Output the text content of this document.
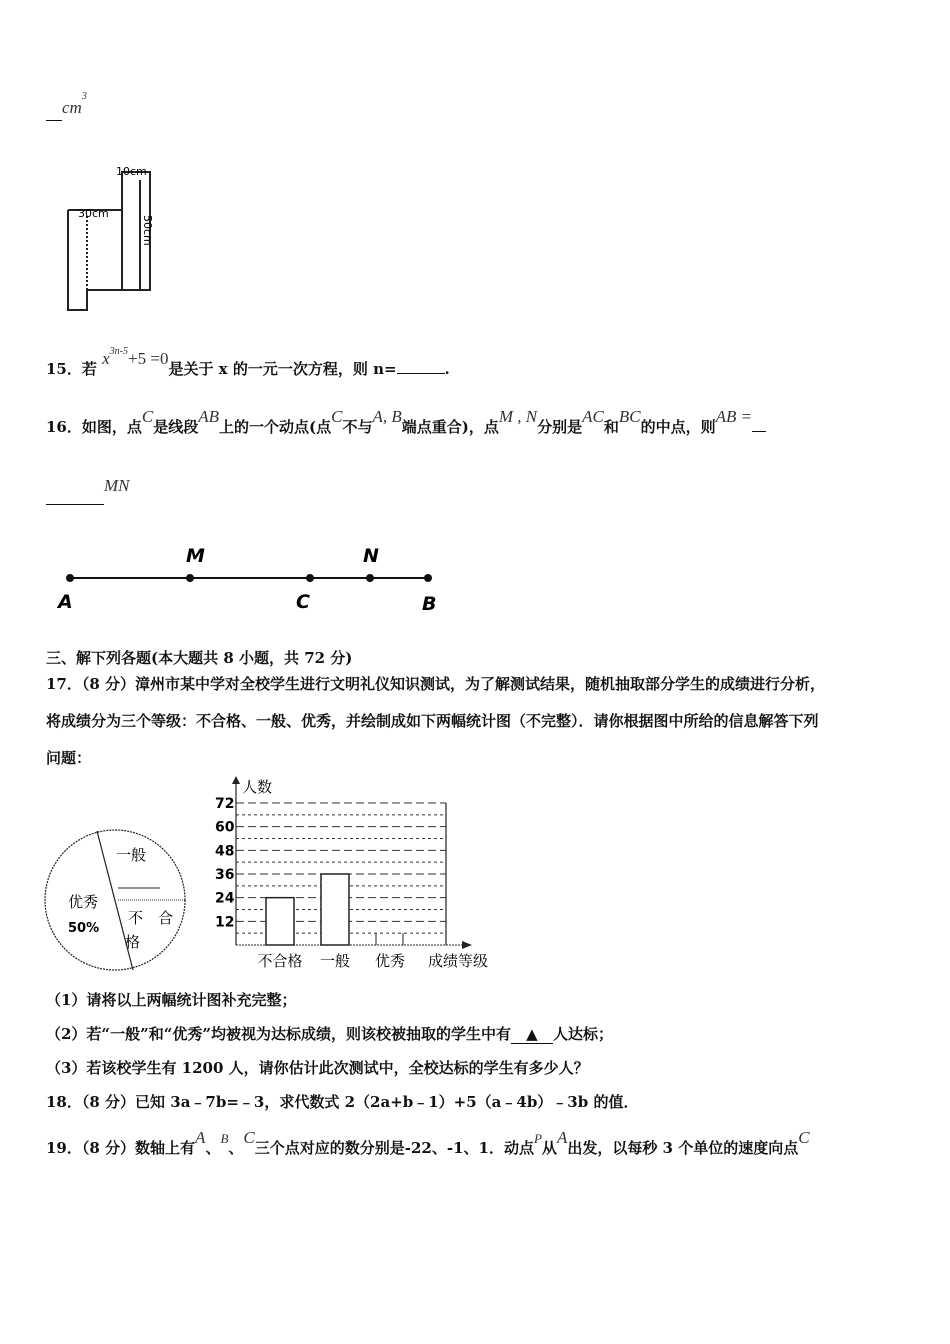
$cm^3$
10cm
30cm
50cm
15．若 $x^{3n-5}+5 =0$是关于 x 的一元一次方程，则 n=	.
16．如图，点C是线段AB上的一个动点(点C不与A, B端点重合)，点M , N分别是AC和BC的中点，则AB =
MN
A
M
C
N
B
三、解下列各题(本大题共 8 小题，共 72 分)
17．（8 分）漳州市某中学对全校学生进行文明礼仪知识测试，为了解测试结果，随机抽取部分学生的成绩进行分析，
将成绩分为三个等级：不合格、一般、优秀，并绘制成如下两幅统计图（不完整）．请你根据图中所给的信息解答下列
问题：
一般
优秀
50%
不 合
格
人数
成绩等级
12
24
36
48
60
72
不合格 一般 优秀
（1）请将以上两幅统计图补充完整；
（2）若“一般”和“优秀”均被视为达标成绩，则该校被抽取的学生中有 ▲ 人达标；
（3）若该校学生有 1200 人，请你估计此次测试中，全校达标的学生有多少人？
18．（8 分）已知 3a﹣7b=﹣3，求代数式 2（2a+b﹣1）+5（a﹣4b）﹣3b 的值．
19．（8 分）数轴上有A、B、C三个点对应的数分别是-22、-1、1．动点P从A出发，以每秒 3 个单位的速度向点C
